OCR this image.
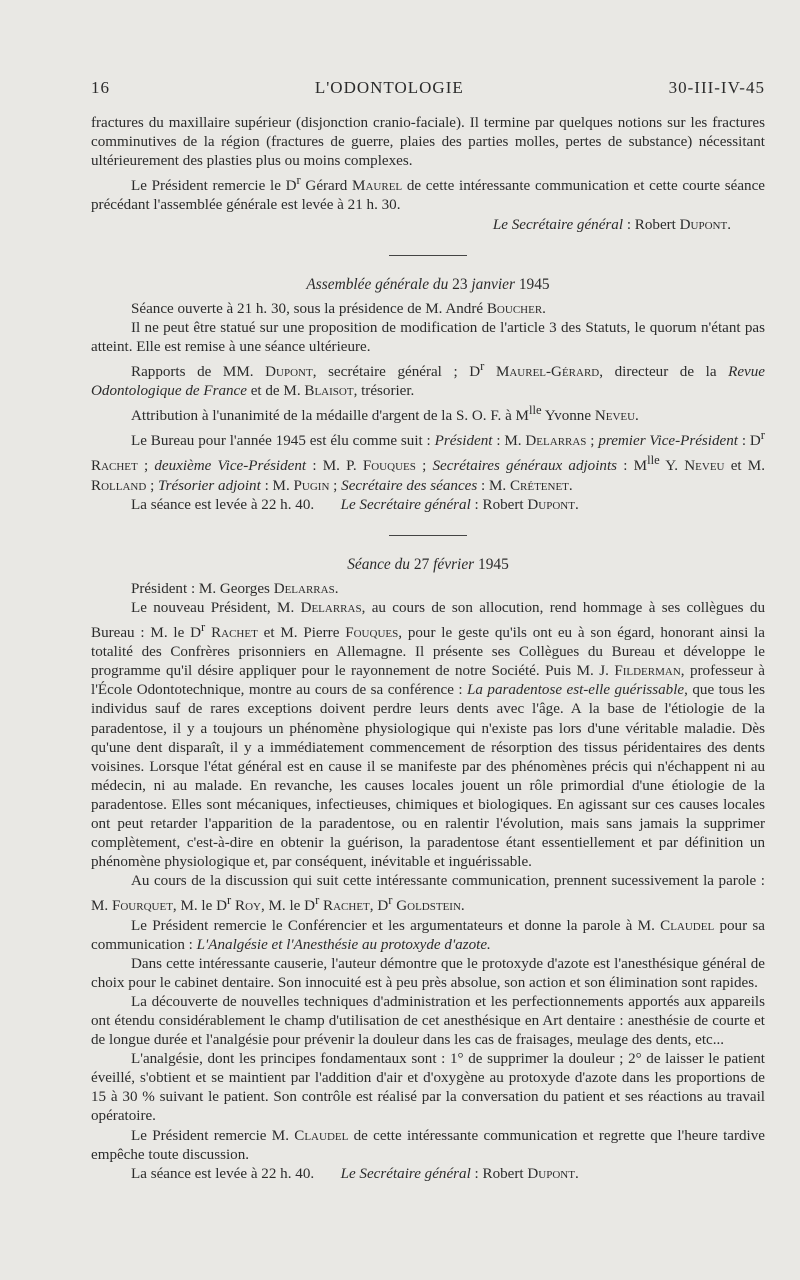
16	L'ODONTOLOGIE	30-III-IV-45

fractures du maxillaire supérieur (disjonction cranio-faciale). Il termine par quelques notions sur les fractures comminutives de la région (fractures de guerre, plaies des parties molles, pertes de substance) nécessitant ultérieurement des plasties plus ou moins complexes.

Le Président remercie le $D^r$ Gérard Maurel de cette intéressante communication et cette courte séance précédant l'assemblée générale est levée à 21 h. 30.

Le Secrétaire général : Robert Dupont.

Assemblée générale du 23 janvier 1945

Séance ouverte à 21 h. 30, sous la présidence de M. André Boucher.

Il ne peut être statué sur une proposition de modification de l'article 3 des Statuts, le quorum n'étant pas atteint. Elle est remise à une séance ultérieure.

Rapports de MM. Dupont, secrétaire général ; $D^r$ Maurel-Gérard, directeur de la Revue Odontologique de France et de M. Blaisot, trésorier.

Attribution à l'unanimité de la médaille d'argent de la S. O. F. à $M^{lle}$ Yvonne Neveu.

Le Bureau pour l'année 1945 est élu comme suit : Président : M. Delarras ; premier Vice-Président : $D^r$ Rachet ; deuxième Vice-Président : M. P. Fouques ; Secrétaires généraux adjoints : $M^{lle}$ Y. Neveu et M. Rolland ; Trésorier adjoint : M. Pugin ; Secrétaire des séances : M. Crétenet.

La séance est levée à 22 h. 40. Le Secrétaire général : Robert Dupont.

Séance du 27 février 1945

Président : M. Georges Delarras.

Le nouveau Président, M. Delarras, au cours de son allocution, rend hommage à ses collègues du Bureau : M. le $D^r$ Rachet et M. Pierre Fouques, pour le geste qu'ils ont eu à son égard, honorant ainsi la totalité des Confrères prisonniers en Allemagne. Il présente ses Collègues du Bureau et développe le programme qu'il désire appliquer pour le rayonnement de notre Société. Puis M. J. Filderman, professeur à l'École Odontotechnique, montre au cours de sa conférence : La paradentose est-elle guérissable, que tous les individus sauf de rares exceptions doivent perdre leurs dents avec l'âge. A la base de l'étiologie de la paradentose, il y a toujours un phénomène physiologique qui n'existe pas lors d'une véritable maladie. Dès qu'une dent disparaît, il y a immédiatement commencement de résorption des tissus péridentaires des dents voisines. Lorsque l'état général est en cause il se manifeste par des phénomènes précis qui n'échappent ni au médecin, ni au malade. En revanche, les causes locales jouent un rôle primordial d'une étiologie de la paradentose. Elles sont mécaniques, infectieuses, chimiques et biologiques. En agissant sur ces causes locales ont peut retarder l'apparition de la paradentose, ou en ralentir l'évolution, mais sans jamais la supprimer complètement, c'est-à-dire en obtenir la guérison, la paradentose étant essentiellement et par définition un phénomène physiologique et, par conséquent, inévitable et inguérissable.

Au cours de la discussion qui suit cette intéressante communication, prennent sucessivement la parole : M. Fourquet, M. le $D^r$ Roy, M. le $D^r$ Rachet, $D^r$ Goldstein.

Le Président remercie le Conférencier et les argumentateurs et donne la parole à M. Claudel pour sa communication : L'Analgésie et l'Anesthésie au protoxyde d'azote.

Dans cette intéressante causerie, l'auteur démontre que le protoxyde d'azote est l'anesthésique général de choix pour le cabinet dentaire. Son innocuité est à peu près absolue, son action et son élimination sont rapides.

La découverte de nouvelles techniques d'administration et les perfectionnements apportés aux appareils ont étendu considérablement le champ d'utilisation de cet anesthésique en Art dentaire : anesthésie de courte et de longue durée et l'analgésie pour prévenir la douleur dans les cas de fraisages, meulage des dents, etc...

L'analgésie, dont les principes fondamentaux sont : 1° de supprimer la douleur ; 2° de laisser le patient éveillé, s'obtient et se maintient par l'addition d'air et d'oxygène au protoxyde d'azote dans les proportions de 15 à 30 % suivant le patient. Son contrôle est réalisé par la conversation du patient et ses réactions au travail opératoire.

Le Président remercie M. Claudel de cette intéressante communication et regrette que l'heure tardive empêche toute discussion.

La séance est levée à 22 h. 40. Le Secrétaire général : Robert Dupont.
